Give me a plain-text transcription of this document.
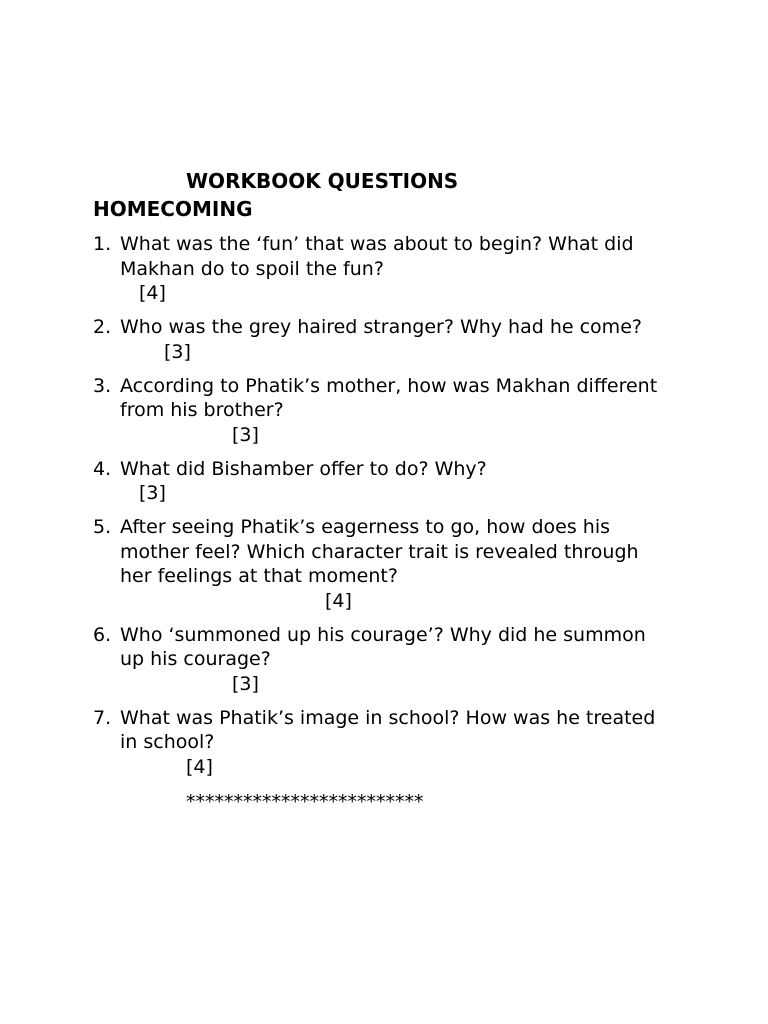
WORKBOOK QUESTIONS
HOMECOMING
1. What was the ‘fun’ that was about to begin? What did Makhan do to spoil the fun?
[4]
2. Who was the grey haired stranger? Why had he come?[3]
3. According to Phatik’s mother, how was Makhan different from his brother?
[3]
4. What did Bishamber offer to do? Why?
[3]
5. After seeing Phatik’s eagerness to go, how does his mother feel? Which character trait is revealed through her feelings at that moment?
[4]
6. Who ‘summoned up his courage’? Why did he summon up his courage?
[3]
7. What was Phatik’s image in school? How was he treated in school?
[4]
*************************
